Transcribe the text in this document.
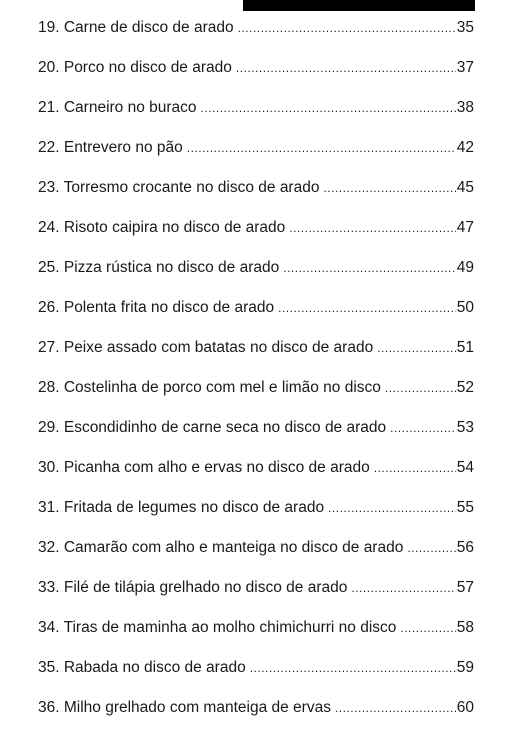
19. Carne de disco de arado .....	35
20. Porco no disco de arado .....	37
21. Carneiro no buraco .....	38
22. Entrevero no pão .....	42
23. Torresmo crocante no disco de arado .....	45
24. Risoto caipira no disco de arado .....	47
25. Pizza rústica no disco de arado .....	49
26. Polenta frita no disco de arado .....	50
27. Peixe assado com batatas no disco de arado .....	51
28. Costelinha de porco com mel e limão no disco .....	52
29. Escondidinho de carne seca no disco de arado .....	53
30. Picanha com alho e ervas no disco de arado .....	54
31. Fritada de legumes no disco de arado .....	55
32. Camarão com alho e manteiga no disco de arado .....	56
33. Filé de tilápia grelhado no disco de arado .....	57
34. Tiras de maminha ao molho chimichurri no disco .....	58
35. Rabada no disco de arado .....	59
36. Milho grelhado com manteiga de ervas .....	60
